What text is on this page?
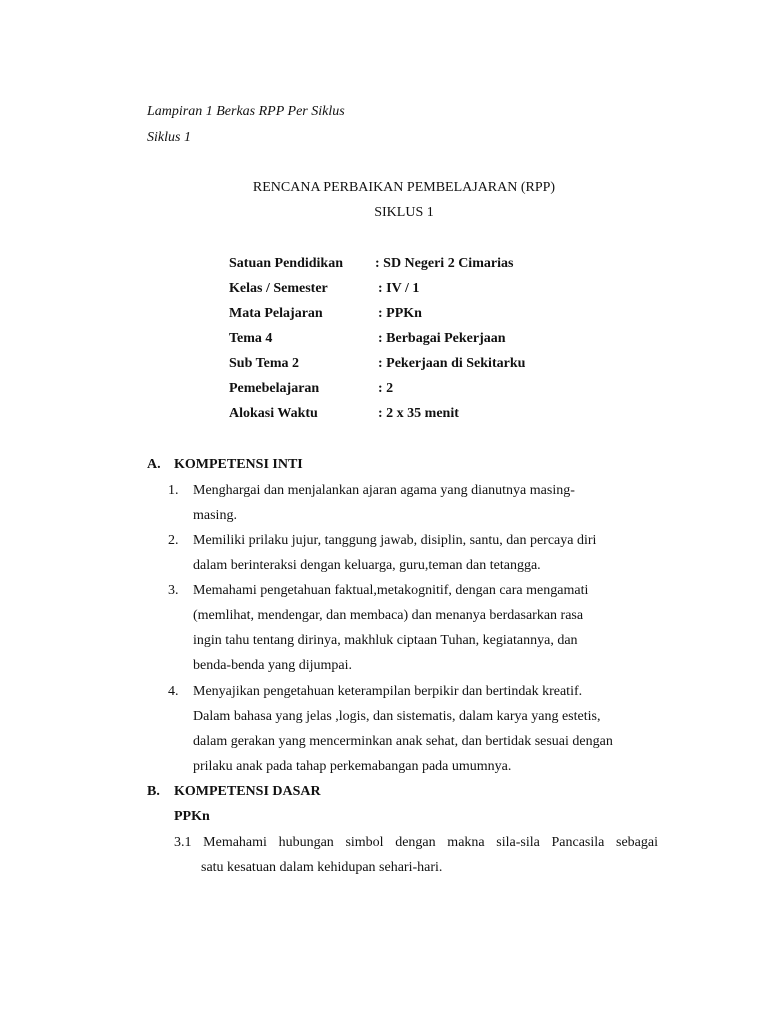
Lampiran 1 Berkas RPP Per Siklus
Siklus 1
RENCANA PERBAIKAN PEMBELAJARAN (RPP)
SIKLUS 1
Satuan Pendidikan : SD Negeri 2 Cimarias
Kelas / Semester	: IV / 1
Mata Pelajaran	: PPKn
Tema 4	: Berbagai Pekerjaan
Sub Tema 2	: Pekerjaan di Sekitarku
Pemebelajaran	: 2
Alokasi Waktu	: 2 x 35 menit
A. KOMPETENSI INTI
1. Menghargai dan menjalankan ajaran agama yang dianutnya masing-
masing.
2. Memiliki prilaku jujur, tanggung jawab, disiplin, santu, dan percaya diri
dalam berinteraksi dengan keluarga, guru,teman dan tetangga.
3. Memahami pengetahuan faktual,metakognitif, dengan cara mengamati
(memlihat, mendengar, dan membaca) dan menanya berdasarkan rasa
ingin tahu tentang dirinya, makhluk ciptaan Tuhan, kegiatannya, dan
benda-benda yang dijumpai.
4. Menyajikan pengetahuan keterampilan berpikir dan bertindak kreatif.
Dalam bahasa yang jelas ,logis, dan sistematis, dalam karya yang estetis,
dalam gerakan yang mencerminkan anak sehat, dan bertidak sesuai dengan
prilaku anak pada tahap perkemabangan pada umumnya.
B. KOMPETENSI DASAR
PPKn
3.1 Memahami hubungan simbol dengan makna sila-sila Pancasila sebagai
satu kesatuan dalam kehidupan sehari-hari.
